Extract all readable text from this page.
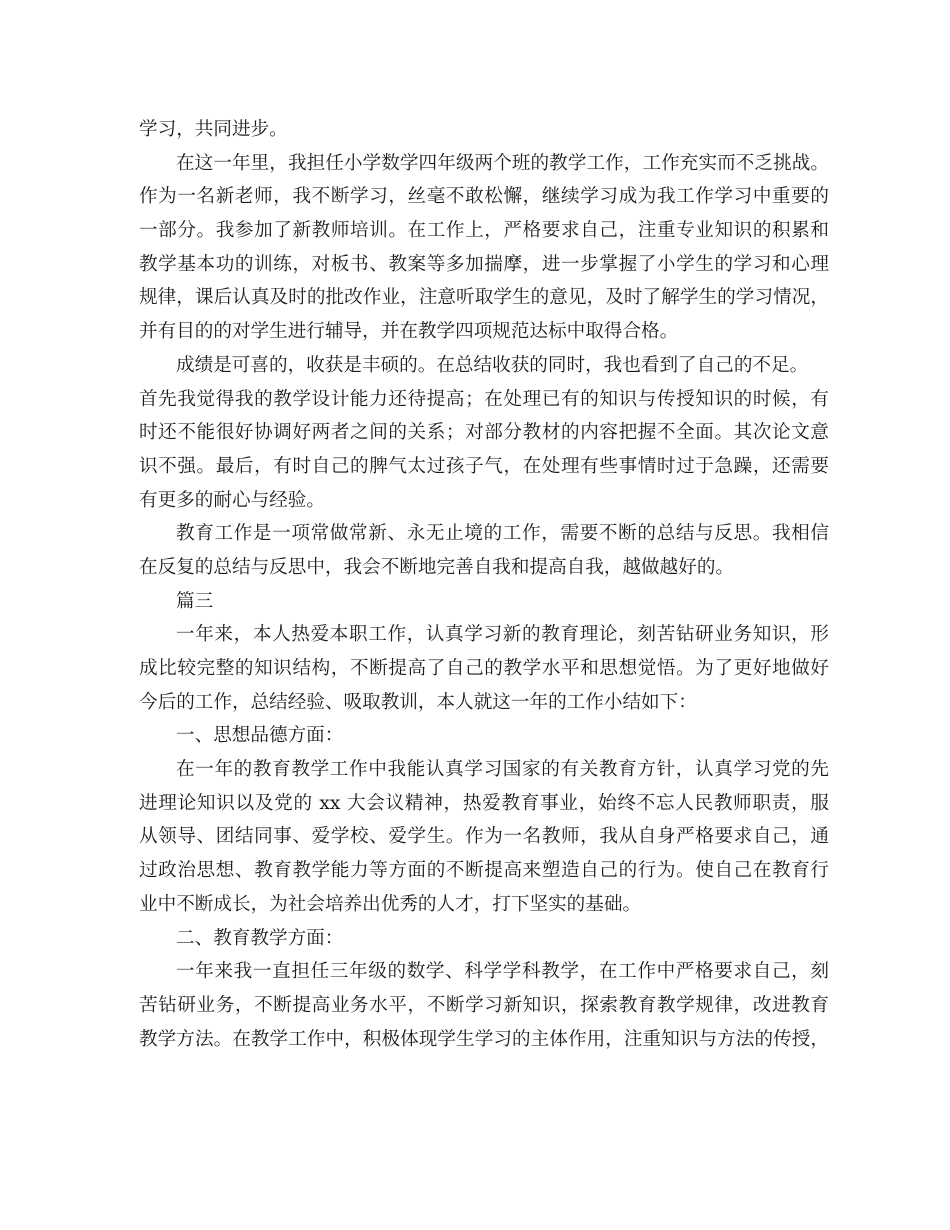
学习，共同进步。
在这一年里，我担任小学数学四年级两个班的教学工作，工作充实而不乏挑战。
作为一名新老师，我不断学习，丝毫不敢松懈，继续学习成为我工作学习中重要的
一部分。我参加了新教师培训。在工作上，严格要求自己，注重专业知识的积累和
教学基本功的训练，对板书、教案等多加揣摩，进一步掌握了小学生的学习和心理
规律，课后认真及时的批改作业，注意听取学生的意见，及时了解学生的学习情况，
并有目的的对学生进行辅导，并在教学四项规范达标中取得合格。
成绩是可喜的，收获是丰硕的。在总结收获的同时，我也看到了自己的不足。
首先我觉得我的教学设计能力还待提高；在处理已有的知识与传授知识的时候，有
时还不能很好协调好两者之间的关系；对部分教材的内容把握不全面。其次论文意
识不强。最后，有时自己的脾气太过孩子气，在处理有些事情时过于急躁，还需要
有更多的耐心与经验。
教育工作是一项常做常新、永无止境的工作，需要不断的总结与反思。我相信
在反复的总结与反思中，我会不断地完善自我和提高自我，越做越好的。
篇三
一年来，本人热爱本职工作，认真学习新的教育理论，刻苦钻研业务知识，形
成比较完整的知识结构，不断提高了自己的教学水平和思想觉悟。为了更好地做好
今后的工作，总结经验、吸取教训，本人就这一年的工作小结如下：
一、思想品德方面：
在一年的教育教学工作中我能认真学习国家的有关教育方针，认真学习党的先
进理论知识以及党的 xx 大会议精神，热爱教育事业，始终不忘人民教师职责，服
从领导、团结同事、爱学校、爱学生。作为一名教师，我从自身严格要求自己，通
过政治思想、教育教学能力等方面的不断提高来塑造自己的行为。使自己在教育行
业中不断成长，为社会培养出优秀的人才，打下坚实的基础。
二、教育教学方面：
一年来我一直担任三年级的数学、科学学科教学，在工作中严格要求自己，刻
苦钻研业务，不断提高业务水平，不断学习新知识，探索教育教学规律，改进教育
教学方法。在教学工作中，积极体现学生学习的主体作用，注重知识与方法的传授，
